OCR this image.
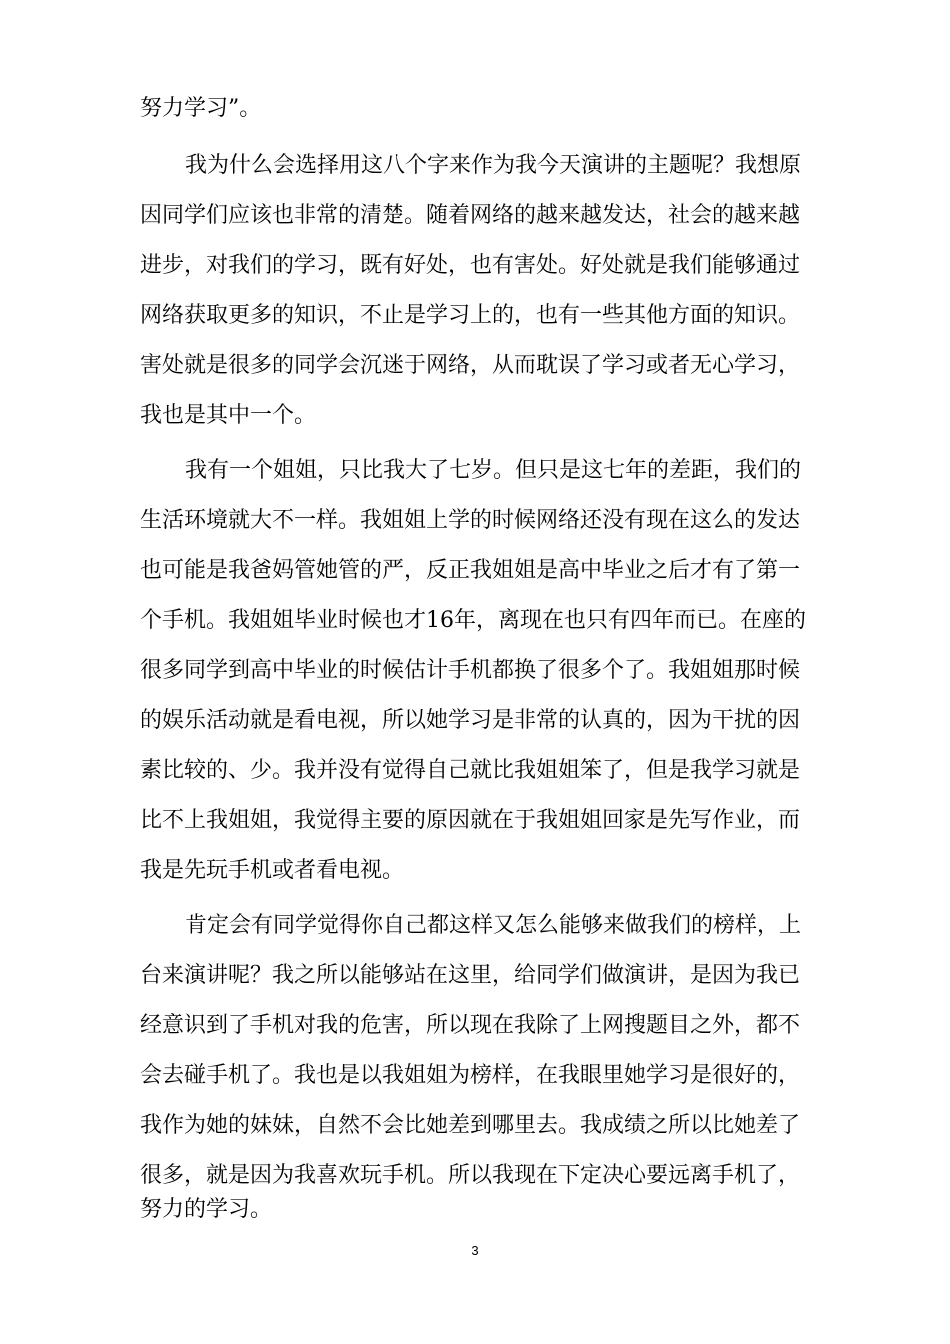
努力学习”。
我为什么会选择用这八个字来作为我今天演讲的主题呢？我想原
因同学们应该也非常的清楚。随着网络的越来越发达，社会的越来越
进步，对我们的学习，既有好处，也有害处。好处就是我们能够通过
网络获取更多的知识，不止是学习上的，也有一些其他方面的知识。
害处就是很多的同学会沉迷于网络，从而耽误了学习或者无心学习，
我也是其中一个。
我有一个姐姐，只比我大了七岁。但只是这七年的差距，我们的
生活环境就大不一样。我姐姐上学的时候网络还没有现在这么的发达
也可能是我爸妈管她管的严，反正我姐姐是高中毕业之后才有了第一
个手机。我姐姐毕业时候也才16年，离现在也只有四年而已。在座的
很多同学到高中毕业的时候估计手机都换了很多个了。我姐姐那时候
的娱乐活动就是看电视，所以她学习是非常的认真的，因为干扰的因
素比较的、少。我并没有觉得自己就比我姐姐笨了，但是我学习就是
比不上我姐姐，我觉得主要的原因就在于我姐姐回家是先写作业，而
我是先玩手机或者看电视。
肯定会有同学觉得你自己都这样又怎么能够来做我们的榜样，上
台来演讲呢？我之所以能够站在这里，给同学们做演讲，是因为我已
经意识到了手机对我的危害，所以现在我除了上网搜题目之外，都不
会去碰手机了。我也是以我姐姐为榜样，在我眼里她学习是很好的，
我作为她的妹妹，自然不会比她差到哪里去。我成绩之所以比她差了
很多，就是因为我喜欢玩手机。所以我现在下定决心要远离手机了，
努力的学习。
3
